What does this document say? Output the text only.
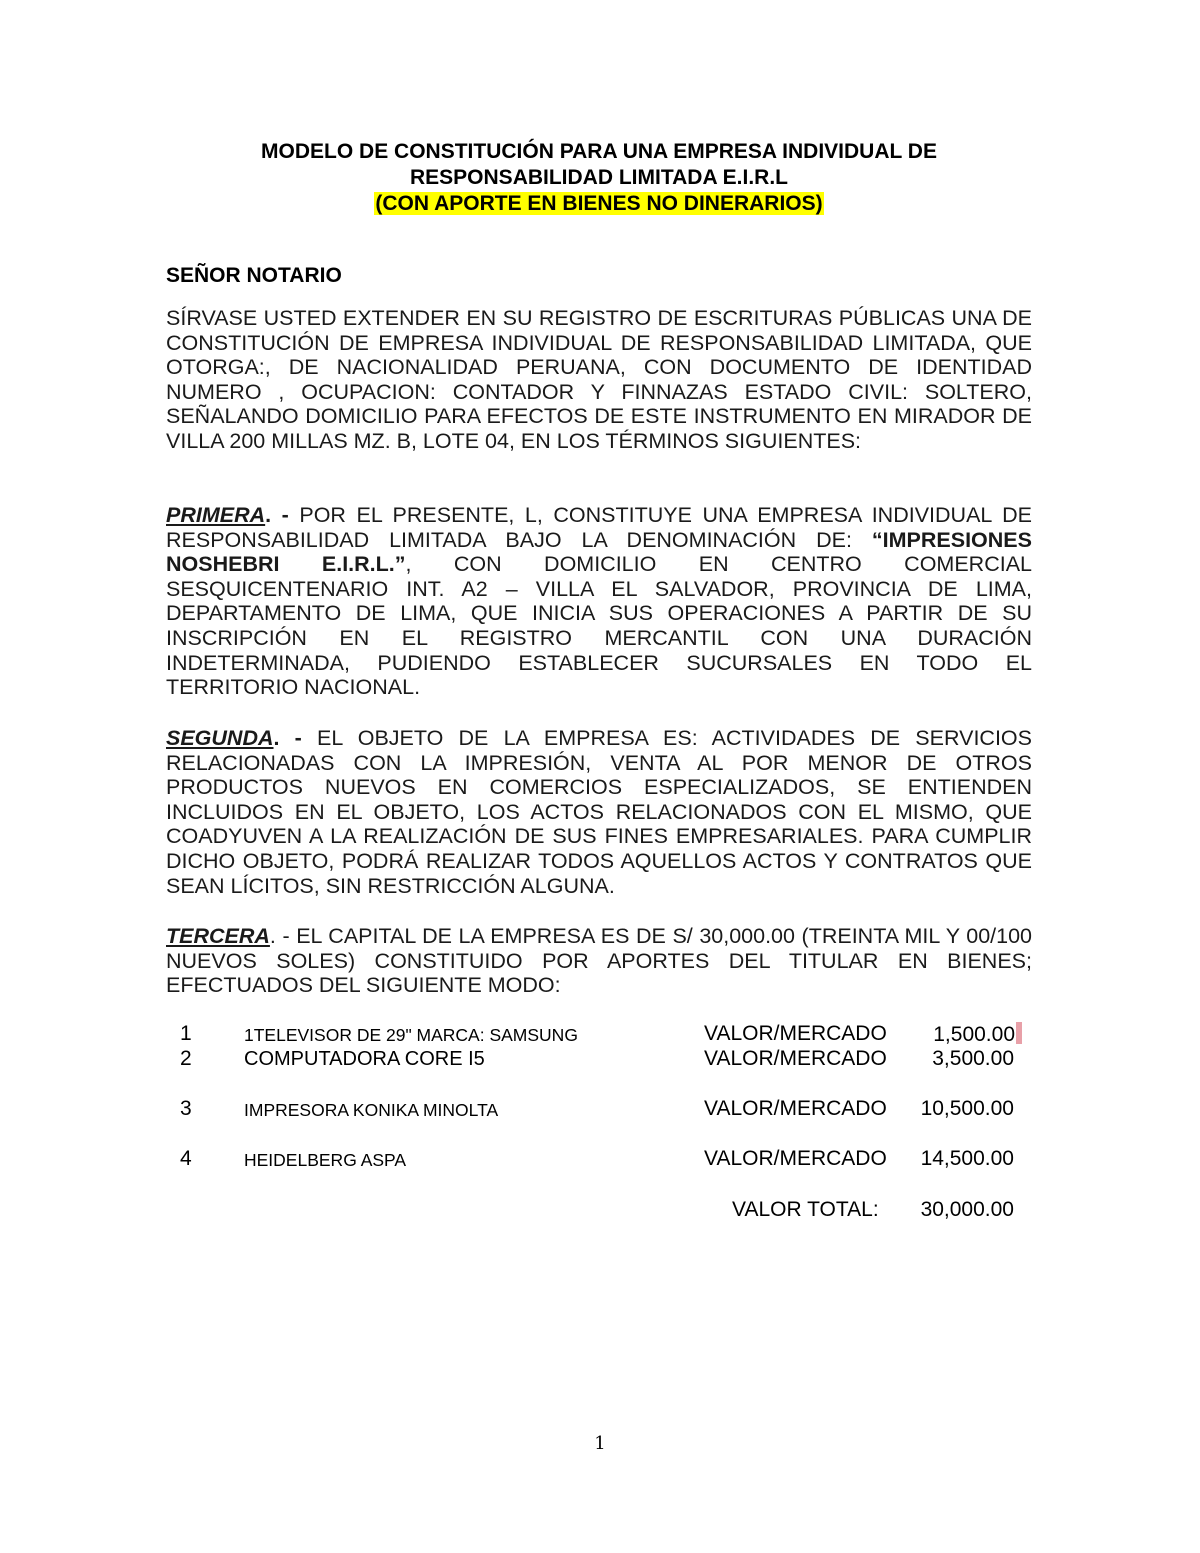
MODELO DE CONSTITUCIÓN PARA UNA EMPRESA INDIVIDUAL DE
RESPONSABILIDAD LIMITADA E.I.R.L
(CON APORTE EN BIENES NO DINERARIOS)
SEÑOR NOTARIO
SÍRVASE USTED EXTENDER EN SU REGISTRO DE ESCRITURAS PÚBLICAS UNA DE CONSTITUCIÓN DE EMPRESA INDIVIDUAL DE RESPONSABILIDAD LIMITADA, QUE OTORGA:, DE NACIONALIDAD PERUANA, CON DOCUMENTO DE IDENTIDAD NUMERO , OCUPACION: CONTADOR Y FINNAZAS ESTADO CIVIL: SOLTERO, SEÑALANDO DOMICILIO PARA EFECTOS DE ESTE INSTRUMENTO EN MIRADOR DE VILLA 200 MILLAS MZ. B, LOTE 04, EN LOS TÉRMINOS SIGUIENTES:
PRIMERA. - POR EL PRESENTE, L, CONSTITUYE UNA EMPRESA INDIVIDUAL DE RESPONSABILIDAD LIMITADA BAJO LA DENOMINACIÓN DE: “IMPRESIONES NOSHEBRI E.I.R.L.”, CON DOMICILIO EN CENTRO COMERCIAL SESQUICENTENARIO INT. A2 – VILLA EL SALVADOR, PROVINCIA DE LIMA, DEPARTAMENTO DE LIMA, QUE INICIA SUS OPERACIONES A PARTIR DE SU INSCRIPCIÓN EN EL REGISTRO MERCANTIL CON UNA DURACIÓN INDETERMINADA, PUDIENDO ESTABLECER SUCURSALES EN TODO EL TERRITORIO NACIONAL.
SEGUNDA. - EL OBJETO DE LA EMPRESA ES: ACTIVIDADES DE SERVICIOS RELACIONADAS CON LA IMPRESIÓN, VENTA AL POR MENOR DE OTROS PRODUCTOS NUEVOS EN COMERCIOS ESPECIALIZADOS, SE ENTIENDEN INCLUIDOS EN EL OBJETO, LOS ACTOS RELACIONADOS CON EL MISMO, QUE COADYUVEN A LA REALIZACIÓN DE SUS FINES EMPRESARIALES. PARA CUMPLIR DICHO OBJETO, PODRÁ REALIZAR TODOS AQUELLOS ACTOS Y CONTRATOS QUE SEAN LÍCITOS, SIN RESTRICCIÓN ALGUNA.
TERCERA. - EL CAPITAL DE LA EMPRESA ES DE S/ 30,000.00 (TREINTA MIL Y 00/100 NUEVOS SOLES) CONSTITUIDO POR APORTES DEL TITULAR EN BIENES; EFECTUADOS DEL SIGUIENTE MODO:
1	1TELEVISOR DE 29" MARCA: SAMSUNG	VALOR/MERCADO 1,500.00
2	COMPUTADORA CORE I5	VALOR/MERCADO 3,500.00
3	IMPRESORA KONIKA MINOLTA	VALOR/MERCADO 10,500.00
4	HEIDELBERG ASPA	VALOR/MERCADO 14,500.00
VALOR TOTAL: 30,000.00
1
